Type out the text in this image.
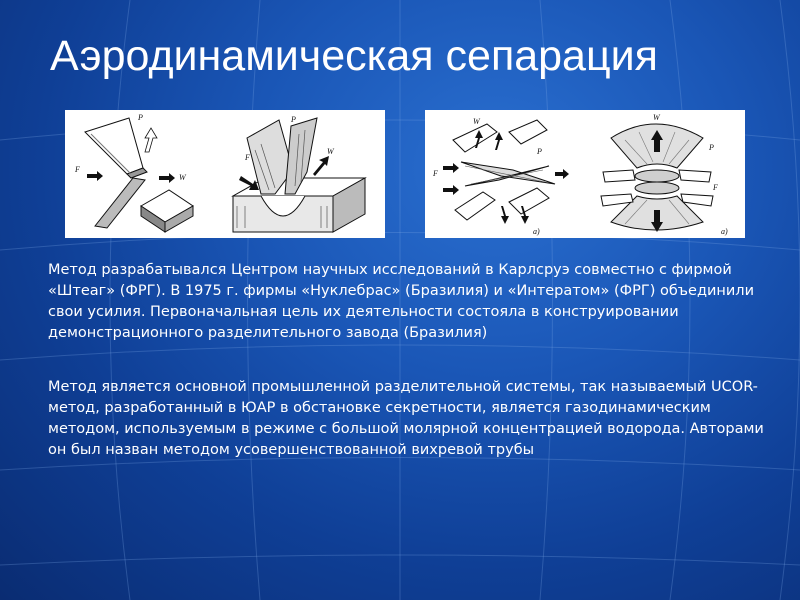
Аэродинамическая сепарация
P
F
W
P
F
W
W
P
F
a)
W
P
F
a)

Метод разрабатывался Центром научных исследований в Карлсруэ совместно с фирмой «Штеаг» (ФРГ). В 1975 г. фирмы «Нуклебрас» (Бразилия) и «Интератом» (ФРГ) объединили свои усилия. Первоначальная цель их деятельности состояла в конструировании демонстрационного разделительного завода (Бразилия)

Метод является основной промышленной разделительной системы, так называемый UCOR-метод, разработанный в ЮАР в обстановке секретности, является газодинамическим методом, используемым в режиме с большой молярной концентрацией водорода. Авторами он был назван методом усовершенствованной вихревой трубы
